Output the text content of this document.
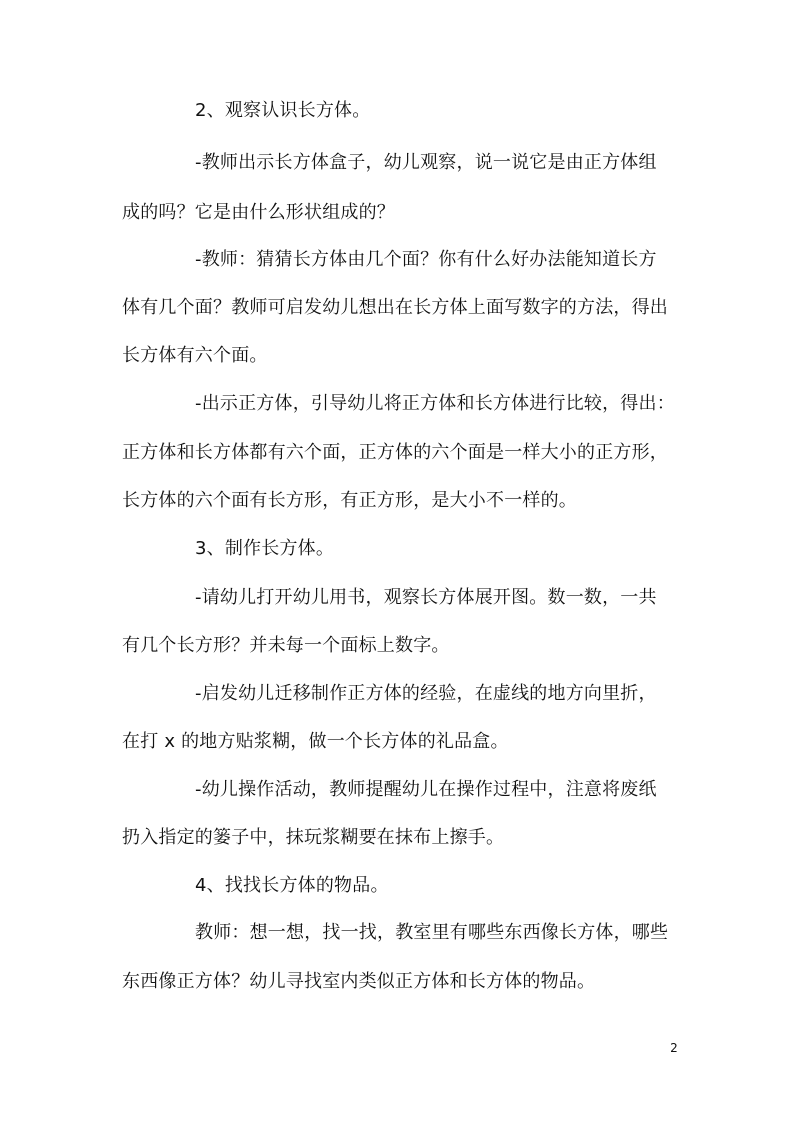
2、观察认识长方体。
-教师出示长方体盒子，幼儿观察，说一说它是由正方体组
成的吗？它是由什么形状组成的？
-教师：猜猜长方体由几个面？你有什么好办法能知道长方
体有几个面？教师可启发幼儿想出在长方体上面写数字的方法，得出
长方体有六个面。
-出示正方体，引导幼儿将正方体和长方体进行比较，得出：
正方体和长方体都有六个面，正方体的六个面是一样大小的正方形，
长方体的六个面有长方形，有正方形，是大小不一样的。
3、制作长方体。
-请幼儿打开幼儿用书，观察长方体展开图。数一数，一共
有几个长方形？并未每一个面标上数字。
-启发幼儿迁移制作正方体的经验，在虚线的地方向里折，
在打 x 的地方贴浆糊，做一个长方体的礼品盒。
-幼儿操作活动，教师提醒幼儿在操作过程中，注意将废纸
扔入指定的篓子中，抹玩浆糊要在抹布上擦手。
4、找找长方体的物品。
教师：想一想，找一找，教室里有哪些东西像长方体，哪些
东西像正方体？幼儿寻找室内类似正方体和长方体的物品。
2
